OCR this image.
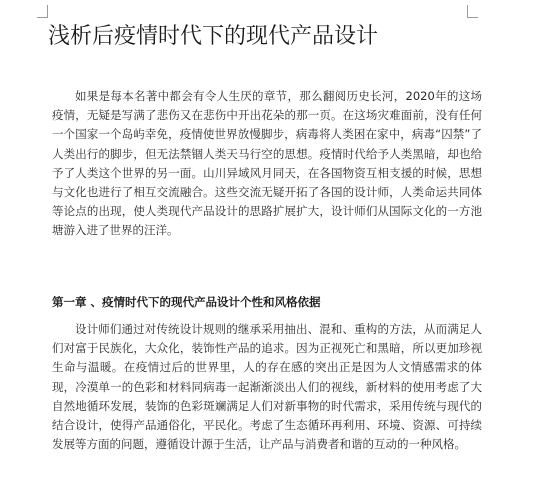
浅析后疫情时代下的现代产品设计

如果是每本名著中都会有令人生厌的章节，那么翻阅历史长河，2020年的这场疫情，无疑是写满了悲伤又在悲伤中开出花朵的那一页。在这场灾难面前，没有任何一个国家一个岛屿幸免，疫情使世界放慢脚步，病毒将人类困在家中，病毒“囚禁”了人类出行的脚步，但无法禁锢人类天马行空的思想。疫情时代给予人类黑暗，却也给予了人类这个世界的另一面。山川异域风月同天，在各国物资互相支援的时候，思想与文化也进行了相互交流融合。这些交流无疑开拓了各国的设计师，人类命运共同体等论点的出现，使人类现代产品设计的思路扩展扩大，设计师们从国际文化的一方池塘游入进了世界的汪洋。

第一章 、疫情时代下的现代产品设计个性和风格依据

设计师们通过对传统设计规则的继承采用抽出、混和、重构的方法，从而满足人们对富于民族化，大众化，装饰性产品的追求。因为正视死亡和黑暗，所以更加珍视生命与温暖。在疫情过后的世界里，人的存在感的突出正是因为人文情感需求的体现，冷漠单一的色彩和材料同病毒一起渐渐淡出人们的视线，新材料的使用考虑了大自然地循环发展，装饰的色彩斑斓满足人们对新事物的时代需求，采用传统与现代的结合设计，使得产品通俗化，平民化。考虑了生态循环再利用、环境、资源、可持续发展等方面的问题，遵循设计源于生活，让产品与消费者和谐的互动的一种风格。
